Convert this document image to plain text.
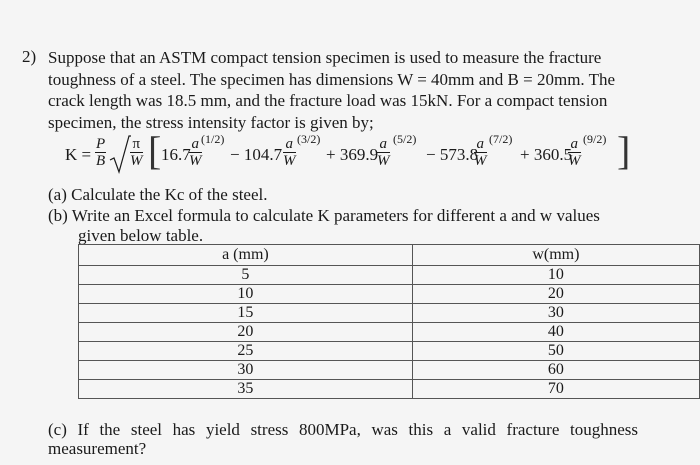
2) Suppose that an ASTM compact tension specimen is used to measure the fracture
toughness of a steel. The specimen has dimensions W = 40mm and B = 20mm. The
crack length was 18.5 mm, and the fracture load was 15kN. For a compact tension
specimen, the stress intensity factor is given by;
$K = \frac{P}{B} \frac{\pi}{W}$ [ 16.7
$\frac{a}{W} (1/2)$
− $104.7 \frac{a}{W} (3/2)$
+ 369.9
$\frac{a}{W} (5/2)$
− 573.8
$\frac{a}{W} (7/2)$
+ 360.5
$\frac{a}{W} (9/2)$ ]
(a) Calculate the Kc of the steel.
(b) Write an Excel formula to calculate K parameters for different a and w values
given below table.
a (mm)	w(mm)
5	10
10	20
15	30
20	40
25	50
30	60
35	70
(c) If the steel has yield stress 800MPa, was this a valid fracture toughness
measurement?
